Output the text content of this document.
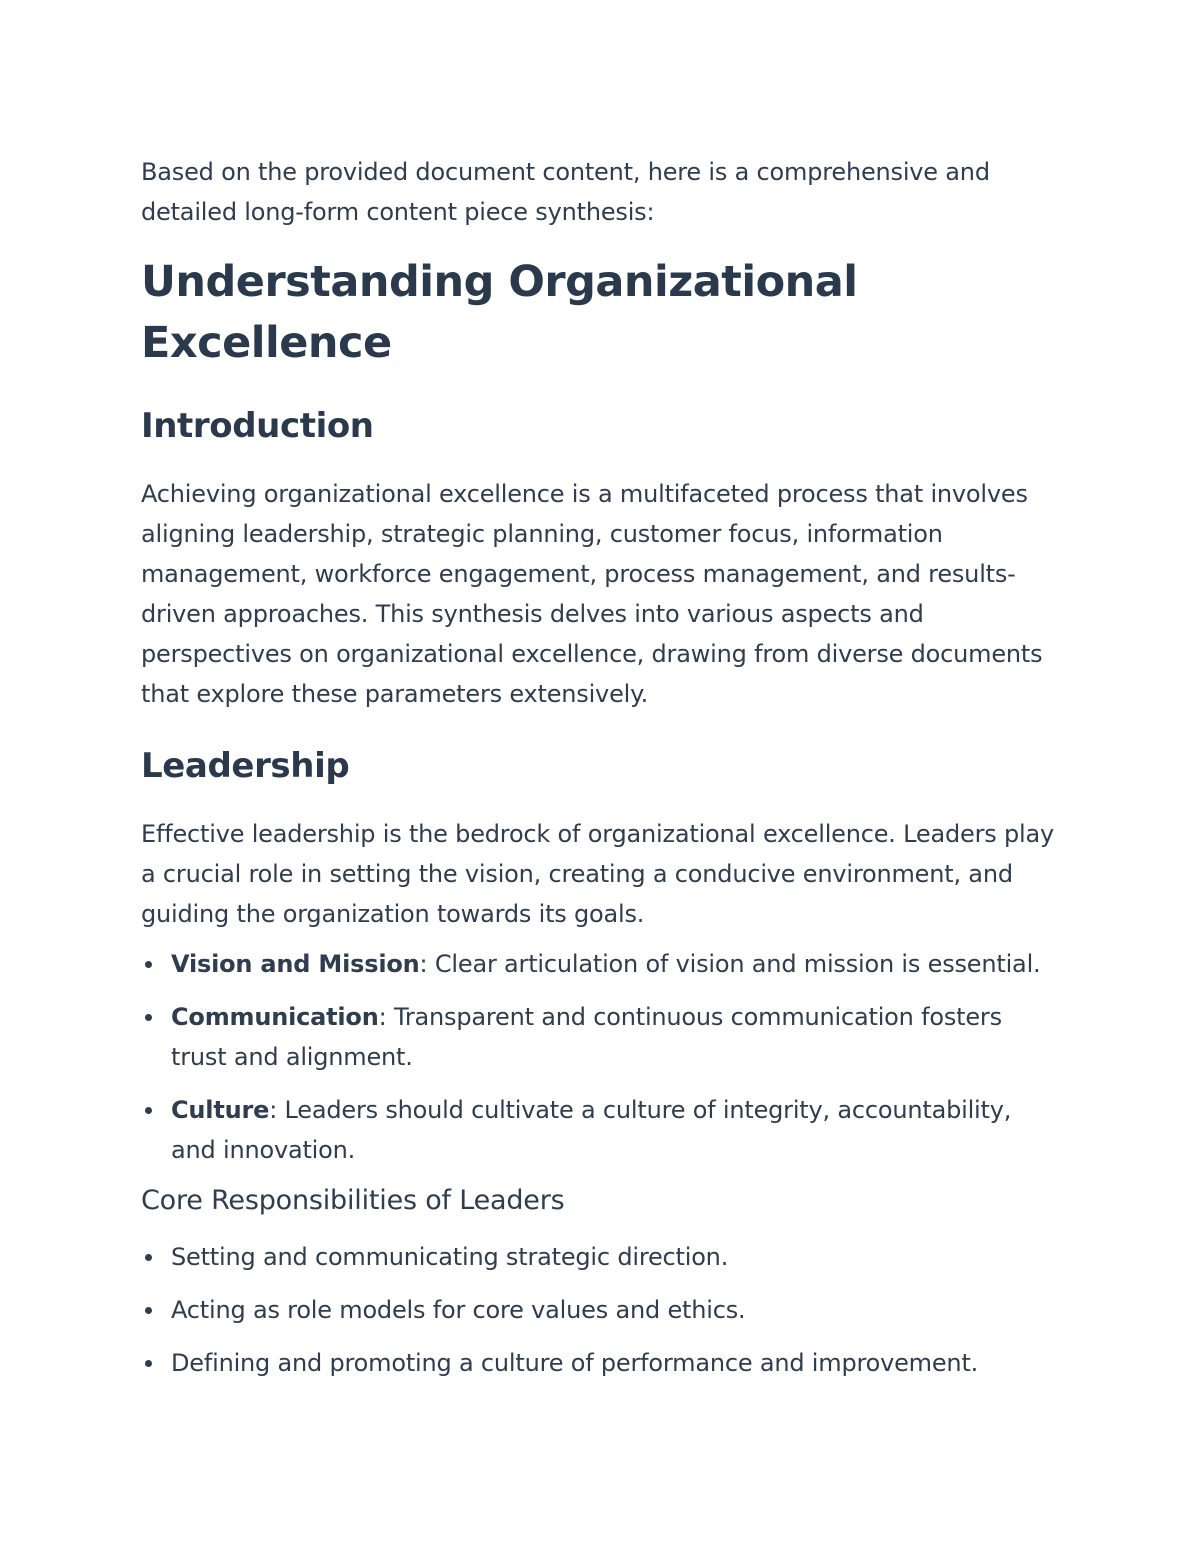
Based on the provided document content, here is a comprehensive and detailed long-form content piece synthesis:

Understanding Organizational Excellence
Introduction

Achieving organizational excellence is a multifaceted process that involves aligning leadership, strategic planning, customer focus, information management, workforce engagement, process management, and results-driven approaches. This synthesis delves into various aspects and perspectives on organizational excellence, drawing from diverse documents that explore these parameters extensively.

Leadership

Effective leadership is the bedrock of organizational excellence. Leaders play a crucial role in setting the vision, creating a conducive environment, and guiding the organization towards its goals.

Vision and Mission: Clear articulation of vision and mission is essential.
Communication: Transparent and continuous communication fosters trust and alignment.
Culture: Leaders should cultivate a culture of integrity, accountability, and innovation.
Core Responsibilities of Leaders
Setting and communicating strategic direction.
Acting as role models for core values and ethics.
Defining and promoting a culture of performance and improvement.
